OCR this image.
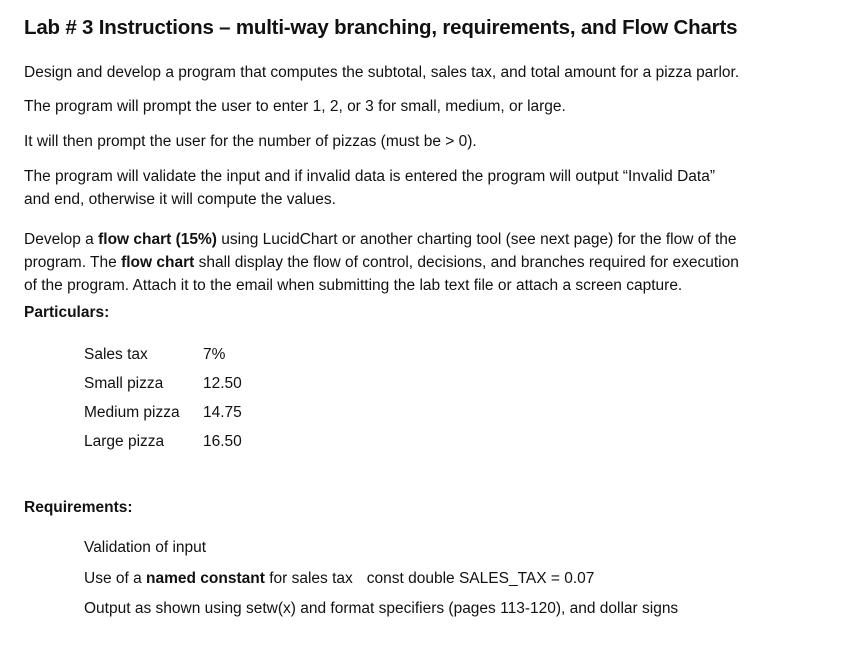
Lab # 3 Instructions – multi-way branching, requirements, and Flow Charts

Design and develop a program that computes the subtotal, sales tax, and total amount for a pizza parlor.

The program will prompt the user to enter 1, 2, or 3 for small, medium, or large.

It will then prompt the user for the number of pizzas (must be > 0).

The program will validate the input and if invalid data is entered the program will output “Invalid Data”
and end, otherwise it will compute the values.

Develop a flow chart (15%) using LucidChart or another charting tool (see next page) for the flow of the
program. The flow chart shall display the flow of control, decisions, and branches required for execution
of the program. Attach it to the email when submitting the lab text file or attach a screen capture.

Particulars:

Sales tax	7%
Small pizza	12.50
Medium pizza	14.75
Large pizza	16.50

Requirements:

Validation of input
Use of a named constant for sales tax const double SALES_TAX = 0.07
Output as shown using setw(x) and format specifiers (pages 113-120), and dollar signs
